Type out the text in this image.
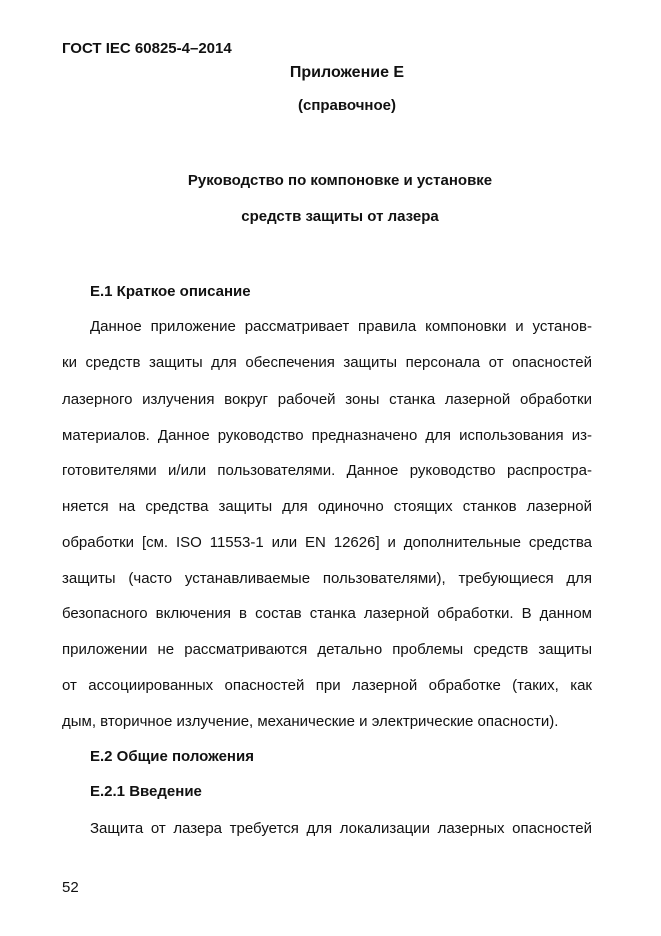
ГОСТ IEC 60825-4–2014
Приложение Е
(справочное)
Руководство по компоновке и установке
средств защиты от лазера
Е.1 Краткое описание
Данное приложение рассматривает правила компоновки и установ-
ки средств защиты для обеспечения защиты персонала от опасностей
лазерного излучения вокруг рабочей зоны станка лазерной обработки
материалов. Данное руководство предназначено для использования из-
готовителями и/или пользователями. Данное руководство распростра-
няется на средства защиты для одиночно стоящих станков лазерной
обработки [см. ISO 11553-1 или EN 12626] и дополнительные средства
защиты (часто устанавливаемые пользователями), требующиеся для
безопасного включения в состав станка лазерной обработки. В данном
приложении не рассматриваются детально проблемы средств защиты
от ассоциированных опасностей при лазерной обработке (таких, как
дым, вторичное излучение, механические и электрические опасности).
Е.2 Общие положения
Е.2.1 Введение
Защита от лазера требуется для локализации лазерных опасностей
52
